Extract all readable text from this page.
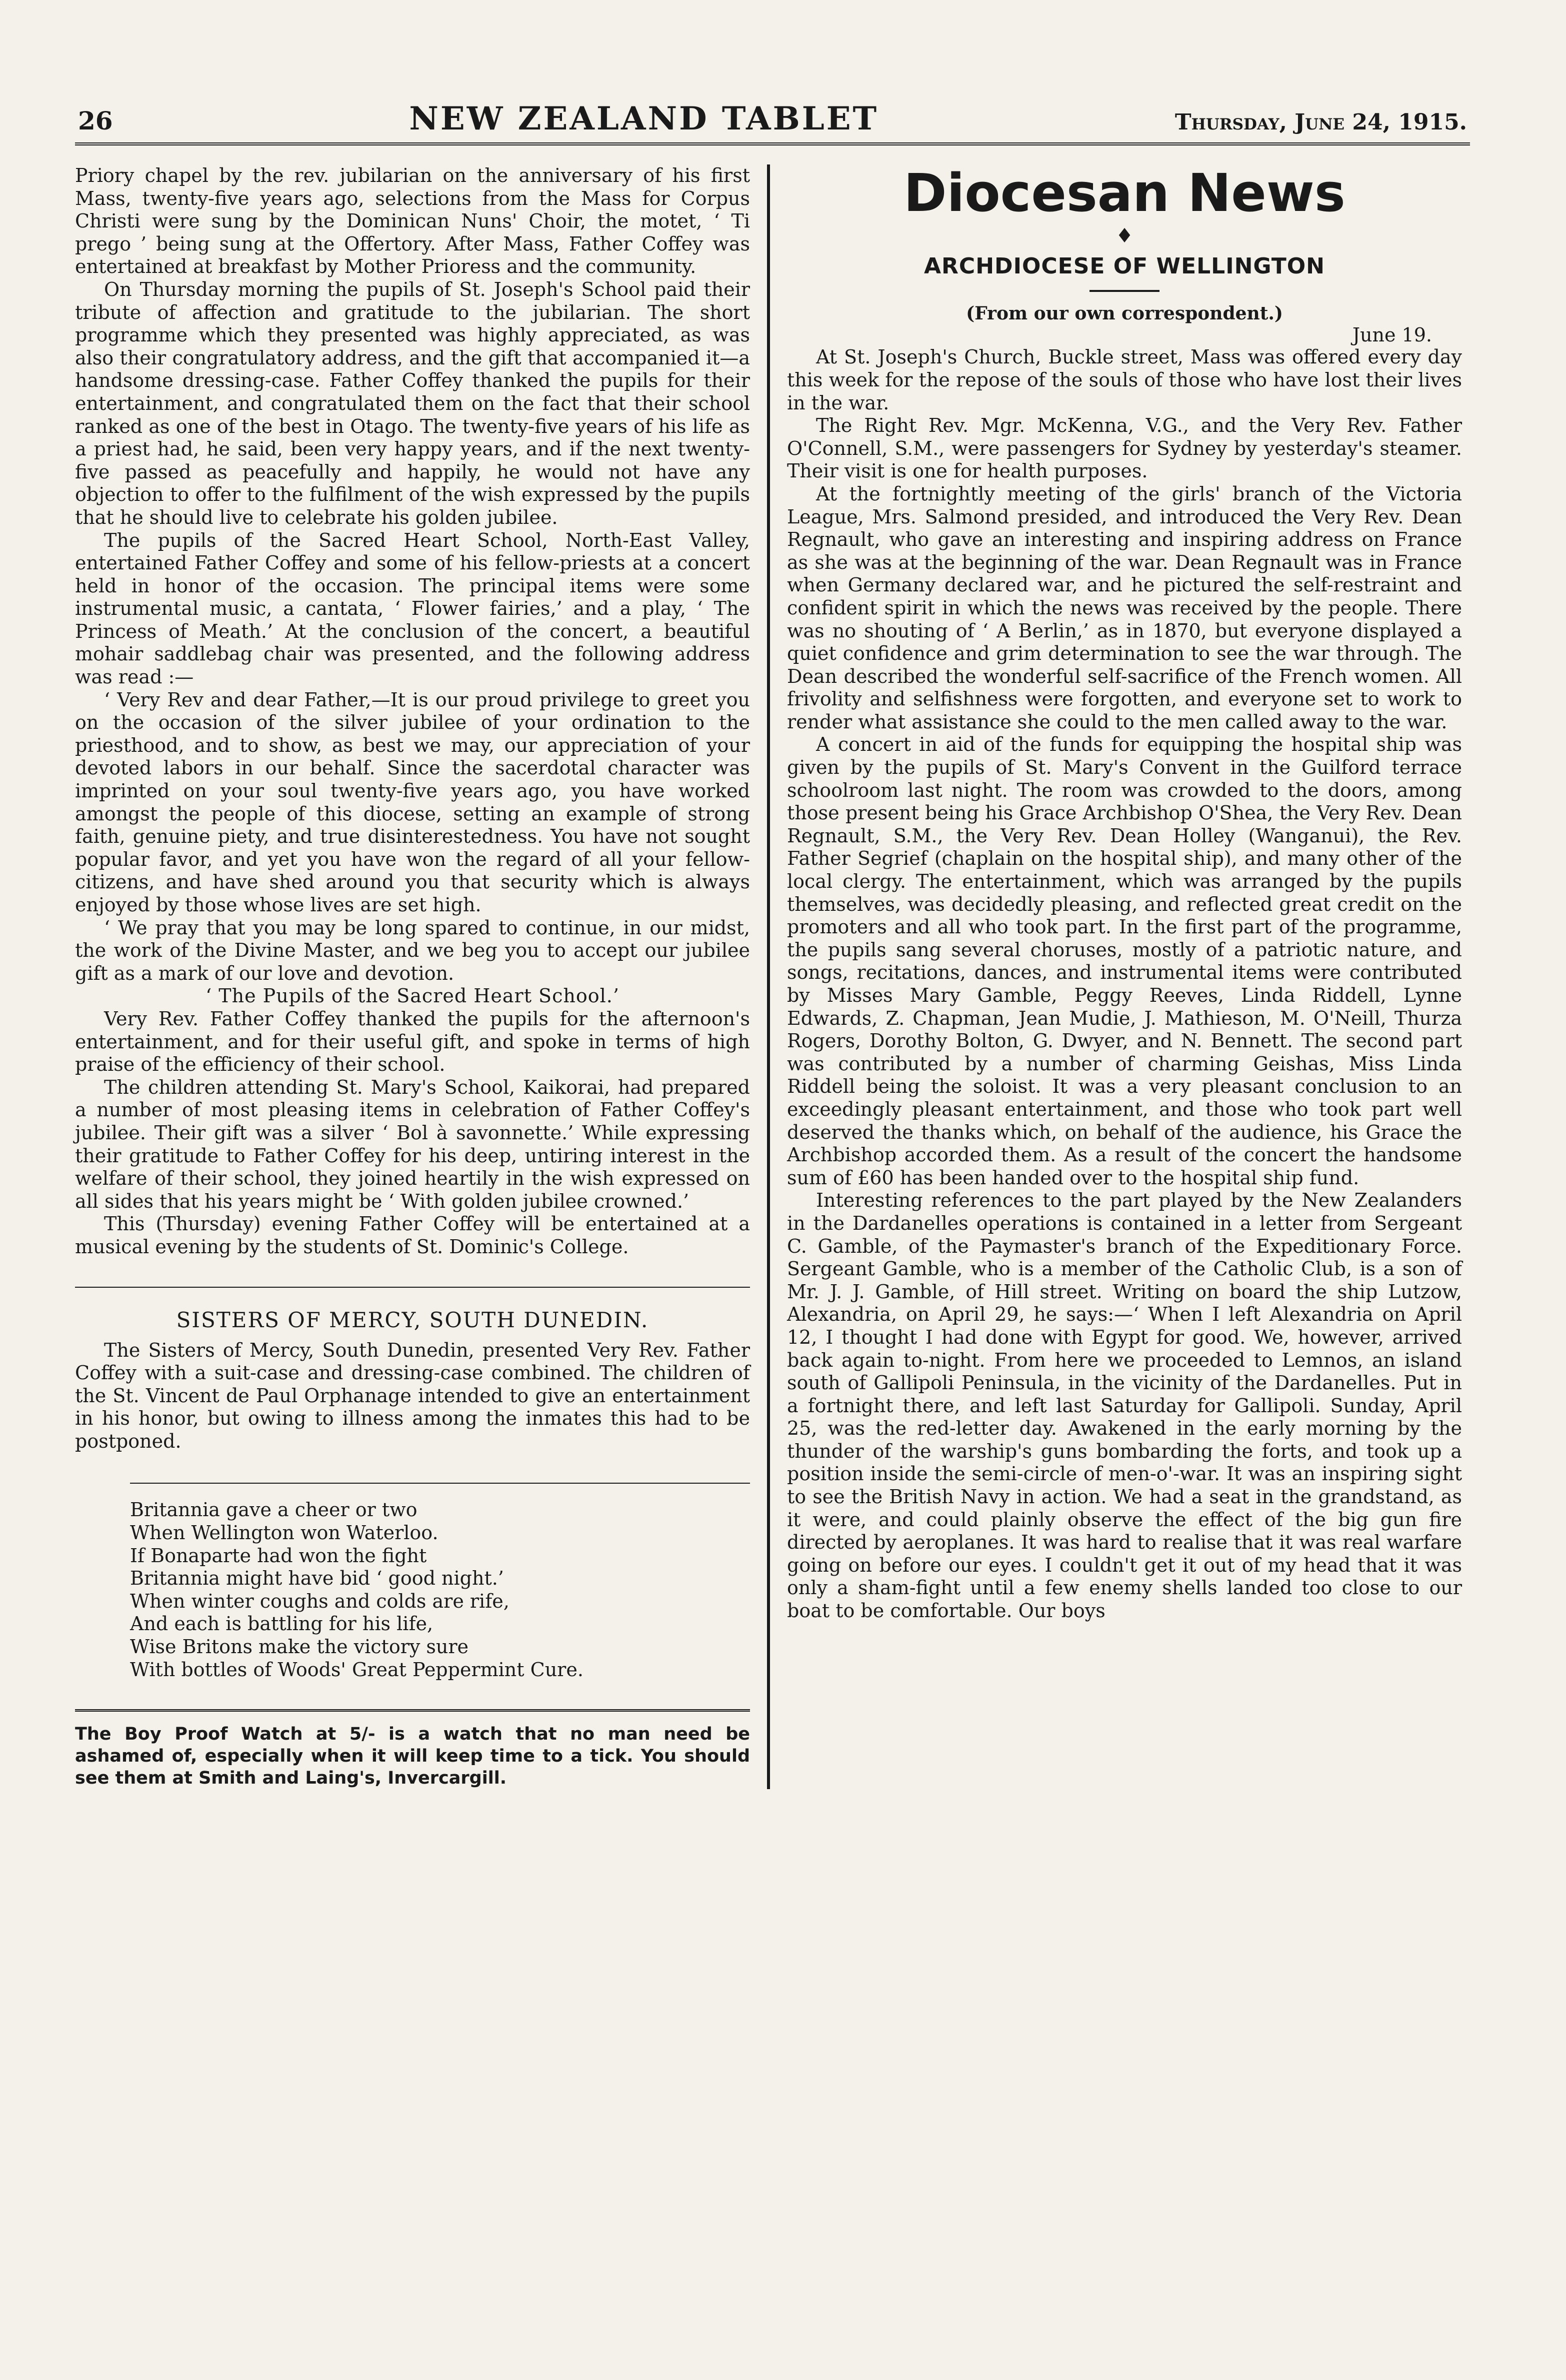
26	NEW ZEALAND TABLET	Thursday, June 24, 1915.

Priory chapel by the rev. jubilarian on the anniversary of his first Mass, twenty-five years ago, selections from the Mass for Corpus Christi were sung by the Dominican Nuns' Choir, the motet, ‘ Ti prego ’ being sung at the Offertory. After Mass, Father Coffey was entertained at breakfast by Mother Prioress and the community.

On Thursday morning the pupils of St. Joseph's School paid their tribute of affection and gratitude to the jubilarian. The short programme which they presented was highly appreciated, as was also their congratulatory address, and the gift that accompanied it—a handsome dressing-case. Father Coffey thanked the pupils for their entertainment, and congratulated them on the fact that their school ranked as one of the best in Otago. The twenty-five years of his life as a priest had, he said, been very happy years, and if the next twenty-five passed as peacefully and happily, he would not have any objection to offer to the fulfilment of the wish expressed by the pupils that he should live to celebrate his golden jubilee.

The pupils of the Sacred Heart School, North-East Valley, entertained Father Coffey and some of his fellow-priests at a concert held in honor of the occasion. The principal items were some instrumental music, a cantata, ‘ Flower fairies,’ and a play, ‘ The Princess of Meath.’ At the conclusion of the concert, a beautiful mohair saddlebag chair was presented, and the following address was read :—

‘ Very Rev and dear Father,—It is our proud privilege to greet you on the occasion of the silver jubilee of your ordination to the priesthood, and to show, as best we may, our appreciation of your devoted labors in our behalf. Since the sacerdotal character was imprinted on your soul twenty-five years ago, you have worked amongst the people of this diocese, setting an example of strong faith, genuine piety, and true disinterestedness. You have not sought popular favor, and yet you have won the regard of all your fellow-citizens, and have shed around you that security which is always enjoyed by those whose lives are set high.

‘ We pray that you may be long spared to continue, in our midst, the work of the Divine Master, and we beg you to accept our jubilee gift as a mark of our love and devotion.

‘ The Pupils of the Sacred Heart School.’

Very Rev. Father Coffey thanked the pupils for the afternoon's entertainment, and for their useful gift, and spoke in terms of high praise of the efficiency of their school.

The children attending St. Mary's School, Kaikorai, had prepared a number of most pleasing items in celebration of Father Coffey's jubilee. Their gift was a silver ‘ Bol à savonnette.’ While expressing their gratitude to Father Coffey for his deep, untiring interest in the welfare of their school, they joined heartily in the wish expressed on all sides that his years might be ‘ With golden jubilee crowned.’

This (Thursday) evening Father Coffey will be entertained at a musical evening by the students of St. Dominic's College.

SISTERS OF MERCY, SOUTH DUNEDIN.

The Sisters of Mercy, South Dunedin, presented Very Rev. Father Coffey with a suit-case and dressing-case combined. The children of the St. Vincent de Paul Orphanage intended to give an entertainment in his honor, but owing to illness among the inmates this had to be postponed.

Britannia gave a cheer or two
When Wellington won Waterloo.
If Bonaparte had won the fight
Britannia might have bid ‘ good night.’
When winter coughs and colds are rife,
And each is battling for his life,
Wise Britons make the victory sure
With bottles of Woods' Great Peppermint Cure.

The Boy Proof Watch at 5/- is a watch that no man need be ashamed of, especially when it will keep time to a tick. You should see them at Smith and Laing's, Invercargill.

Diocesan News
♦
ARCHDIOCESE OF WELLINGTON
(From our own correspondent.)
June 19.

At St. Joseph's Church, Buckle street, Mass was offered every day this week for the repose of the souls of those who have lost their lives in the war.

The Right Rev. Mgr. McKenna, V.G., and the Very Rev. Father O'Connell, S.M., were passengers for Sydney by yesterday's steamer. Their visit is one for health purposes.

At the fortnightly meeting of the girls' branch of the Victoria League, Mrs. Salmond presided, and introduced the Very Rev. Dean Regnault, who gave an interesting and inspiring address on France as she was at the beginning of the war. Dean Regnault was in France when Germany declared war, and he pictured the self-restraint and confident spirit in which the news was received by the people. There was no shouting of ‘ A Berlin,’ as in 1870, but everyone displayed a quiet confidence and grim determination to see the war through. The Dean described the wonderful self-sacrifice of the French women. All frivolity and selfishness were forgotten, and everyone set to work to render what assistance she could to the men called away to the war.

A concert in aid of the funds for equipping the hospital ship was given by the pupils of St. Mary's Convent in the Guilford terrace schoolroom last night. The room was crowded to the doors, among those present being his Grace Archbishop O'Shea, the Very Rev. Dean Regnault, S.M., the Very Rev. Dean Holley (Wanganui), the Rev. Father Segrief (chaplain on the hospital ship), and many other of the local clergy. The entertainment, which was arranged by the pupils themselves, was decidedly pleasing, and reflected great credit on the promoters and all who took part. In the first part of the programme, the pupils sang several choruses, mostly of a patriotic nature, and songs, recitations, dances, and instrumental items were contributed by Misses Mary Gamble, Peggy Reeves, Linda Riddell, Lynne Edwards, Z. Chapman, Jean Mudie, J. Mathieson, M. O'Neill, Thurza Rogers, Dorothy Bolton, G. Dwyer, and N. Bennett. The second part was contributed by a number of charming Geishas, Miss Linda Riddell being the soloist. It was a very pleasant conclusion to an exceedingly pleasant entertainment, and those who took part well deserved the thanks which, on behalf of the audience, his Grace the Archbishop accorded them. As a result of the concert the handsome sum of £60 has been handed over to the hospital ship fund.

Interesting references to the part played by the New Zealanders in the Dardanelles operations is contained in a letter from Sergeant C. Gamble, of the Paymaster's branch of the Expeditionary Force. Sergeant Gamble, who is a member of the Catholic Club, is a son of Mr. J. J. Gamble, of Hill street. Writing on board the ship Lutzow, Alexandria, on April 29, he says:—‘ When I left Alexandria on April 12, I thought I had done with Egypt for good. We, however, arrived back again to-night. From here we proceeded to Lemnos, an island south of Gallipoli Peninsula, in the vicinity of the Dardanelles. Put in a fortnight there, and left last Saturday for Gallipoli. Sunday, April 25, was the red-letter day. Awakened in the early morning by the thunder of the warship's guns bombarding the forts, and took up a position inside the semi-circle of men-o'-war. It was an inspiring sight to see the British Navy in action. We had a seat in the grandstand, as it were, and could plainly observe the effect of the big gun fire directed by aeroplanes. It was hard to realise that it was real warfare going on before our eyes. I couldn't get it out of my head that it was only a sham-fight until a few enemy shells landed too close to our boat to be comfortable. Our boys
